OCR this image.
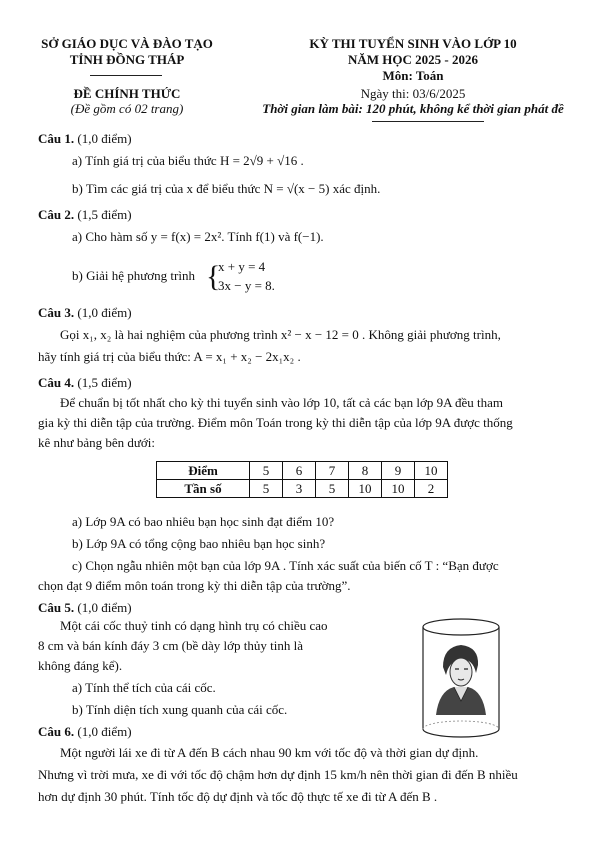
SỞ GIÁO DỤC VÀ ĐÀO TẠO
TỈNH ĐỒNG THÁP
ĐỀ CHÍNH THỨC
(Đề gồm có 02 trang)
KỲ THI TUYỂN SINH VÀO LỚP 10
NĂM HỌC 2025 - 2026
Môn: Toán
Ngày thi: 03/6/2025
Thời gian làm bài: 120 phút, không kể thời gian phát đề
Câu 1. (1,0 điểm)
a) Tính giá trị của biểu thức H = 2√9 + √16 .
b) Tìm các giá trị của x để biểu thức N = √(x − 5) xác định.
Câu 2. (1,5 điểm)
a) Cho hàm số y = f(x) = 2x². Tính f(1) và f(−1).
b) Giải hệ phương trình {
x + y = 4
3x − y = 8.
Câu 3. (1,0 điểm)
Gọi x₁, x₂ là hai nghiệm của phương trình x² − x − 12 = 0 . Không giải phương trình,
hãy tính giá trị của biểu thức: A = x₁ + x₂ − 2x₁x₂ .
Câu 4. (1,5 điểm)
Để chuẩn bị tốt nhất cho kỳ thi tuyển sinh vào lớp 10, tất cả các bạn lớp 9A đều tham
gia kỳ thi diễn tập của trường. Điểm môn Toán trong kỳ thi diễn tập của lớp 9A được thống
kê như bảng bên dưới:
Điểm	5	6	7	8	9	10
Tần số	5	3	5	10	10	2
a) Lớp 9A có bao nhiêu bạn học sinh đạt điểm 10?
b) Lớp 9A có tổng cộng bao nhiêu bạn học sinh?
c) Chọn ngẫu nhiên một bạn của lớp 9A . Tính xác suất của biến cố T : “Bạn được
chọn đạt 9 điểm môn toán trong kỳ thi diễn tập của trường”.
Câu 5. (1,0 điểm)
Một cái cốc thuỷ tinh có dạng hình trụ có chiều cao
8 cm và bán kính đáy 3 cm (bề dày lớp thủy tinh là
không đáng kể).
a) Tính thể tích của cái cốc.
b) Tính diện tích xung quanh của cái cốc.
Câu 6. (1,0 điểm)
Một người lái xe đi từ A đến B cách nhau 90 km với tốc độ và thời gian dự định.
Nhưng vì trời mưa, xe đi với tốc độ chậm hơn dự định 15 km/h nên thời gian đi đến B nhiều
hơn dự định 30 phút. Tính tốc độ dự định và tốc độ thực tế xe đi từ A đến B .
